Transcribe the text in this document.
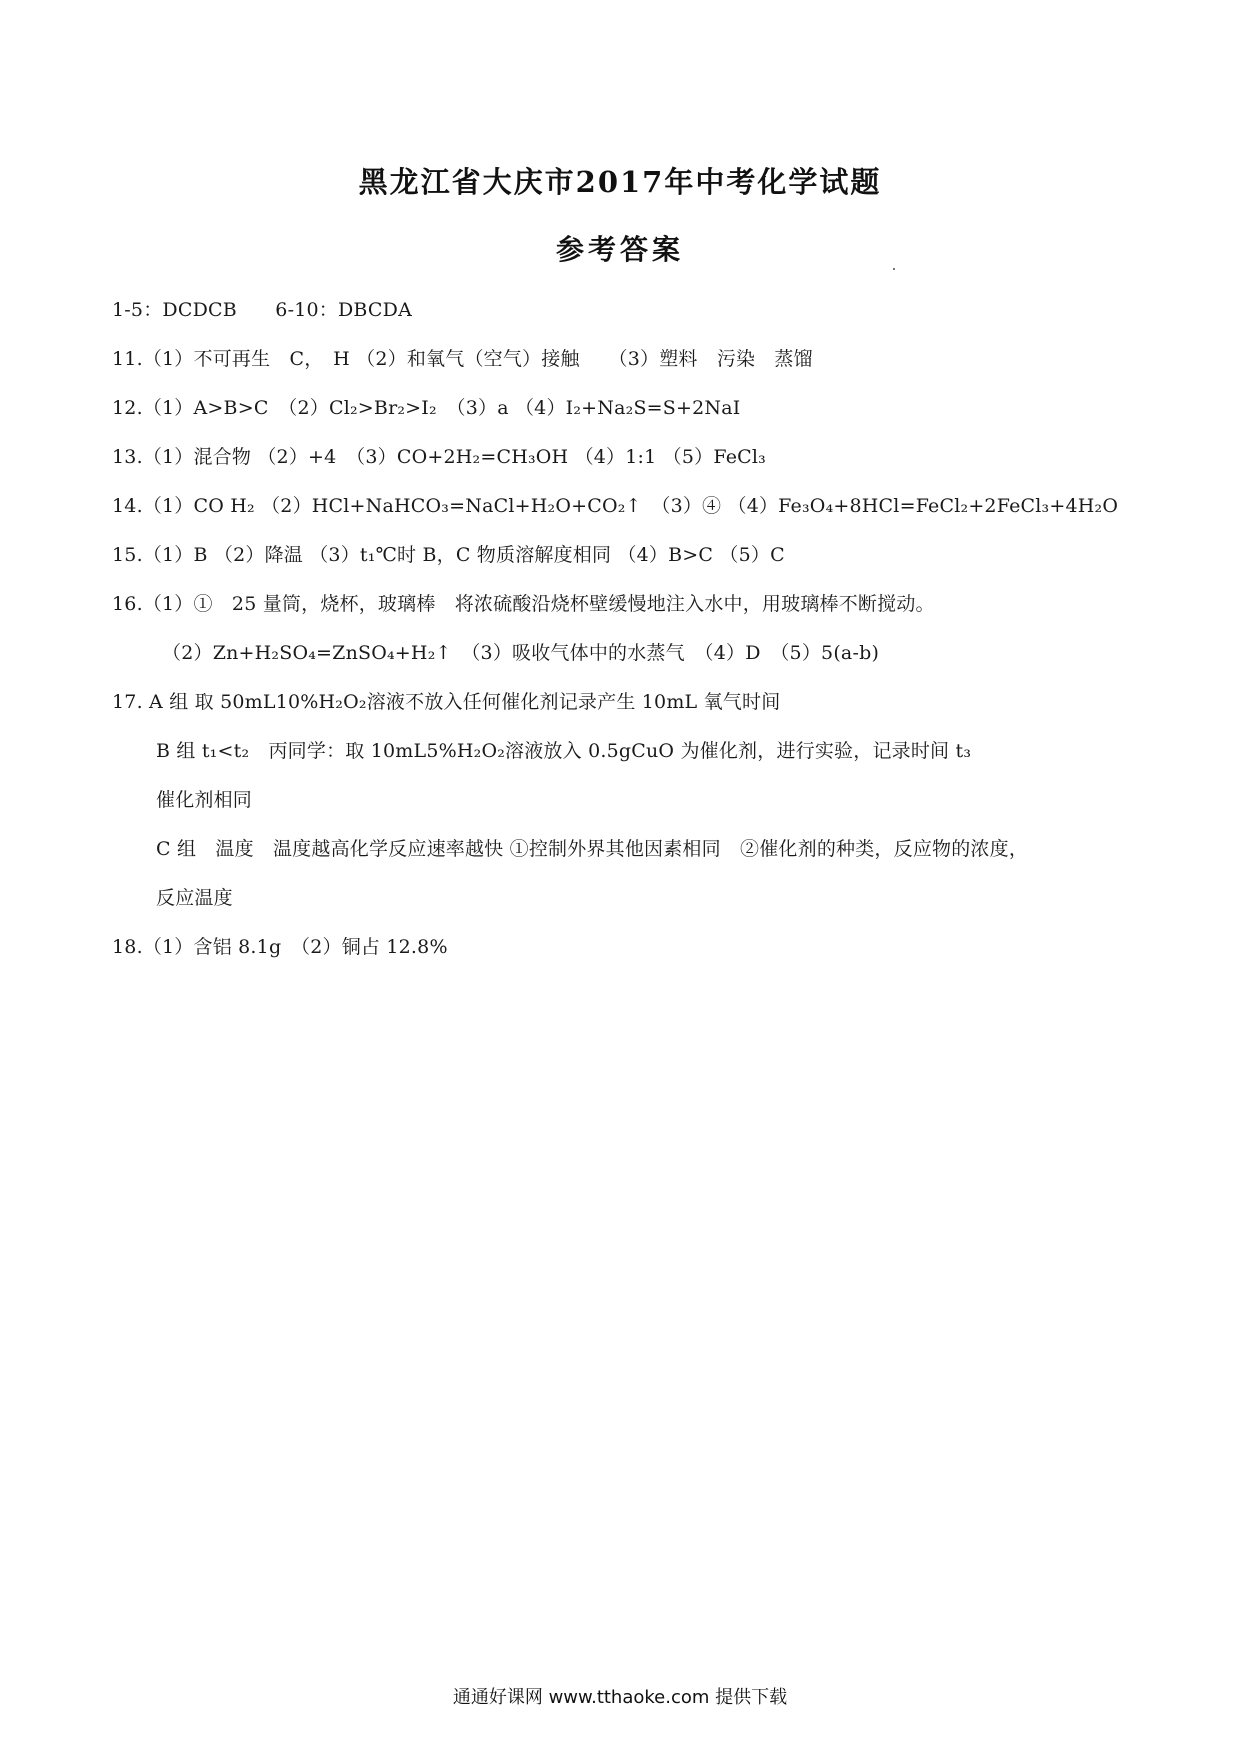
黑龙江省大庆市2017年中考化学试题
参考答案
1-5：DCDCB　　6-10：DBCDA
11.（1）不可再生　C，　H （2）和氧气（空气）接触　　（3）塑料　污染　蒸馏
12.（1）A>B>C　（2）Cl₂>Br₂>I₂　（3）a （4）I₂+Na₂S=S+2NaI
13.（1）混合物 （2）+4　（3）CO+2H₂=CH₃OH （4）1:1 （5）FeCl₃
14.（1）CO H₂ （2）HCl+NaHCO₃=NaCl+H₂O+CO₂↑　（3）④ （4）Fe₃O₄+8HCl=FeCl₂+2FeCl₃+4H₂O
15.（1）B （2）降温 （3）t₁℃时 B，C 物质溶解度相同 （4）B>C （5）C
16.（1）①　25 量筒，烧杯，玻璃棒　将浓硫酸沿烧杯壁缓慢地注入水中，用玻璃棒不断搅动。
（2）Zn+H₂SO₄=ZnSO₄+H₂↑　（3）吸收气体中的水蒸气　（4）D　（5）5(a-b)
17. A 组 取 50mL10%H₂O₂溶液不放入任何催化剂记录产生 10mL 氧气时间
B 组 t₁<t₂　丙同学：取 10mL5%H₂O₂溶液放入 0.5gCuO 为催化剂，进行实验，记录时间 t₃
催化剂相同
C 组　温度　温度越高化学反应速率越快 ①控制外界其他因素相同　②催化剂的种类，反应物的浓度，
反应温度
18.（1）含铝 8.1g　（2）铜占 12.8%
通通好课网 www.tthaoke.com 提供下载
